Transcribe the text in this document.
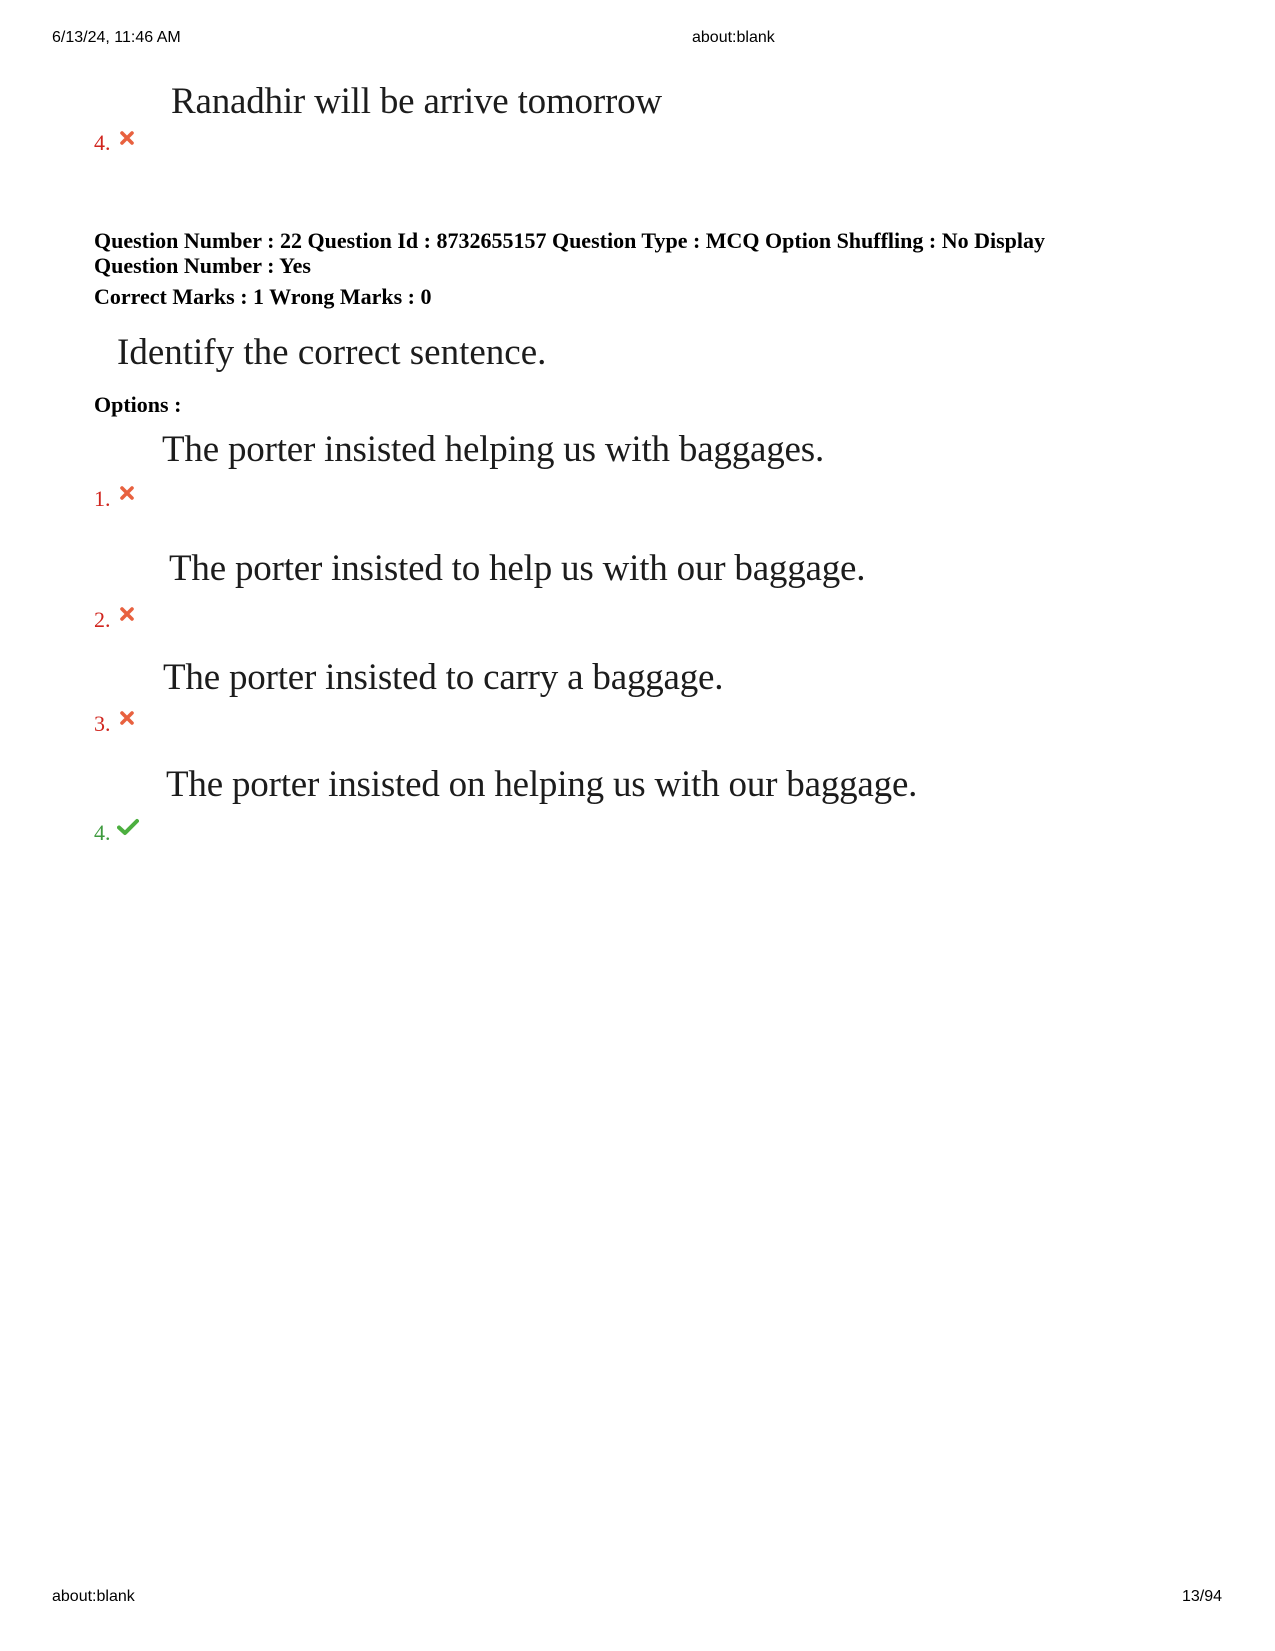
6/13/24, 11:46 AM	about:blank
Ranadhir will be arrive tomorrow
4.
Question Number : 22 Question Id : 8732655157 Question Type : MCQ Option Shuffling : No Display
Question Number : Yes
Correct Marks : 1 Wrong Marks : 0
Identify the correct sentence.
Options :
The porter insisted helping us with baggages.
1.
The porter insisted to help us with our baggage.
2.
The porter insisted to carry a baggage.
3.
The porter insisted on helping us with our baggage.
4.
about:blank	13/94
